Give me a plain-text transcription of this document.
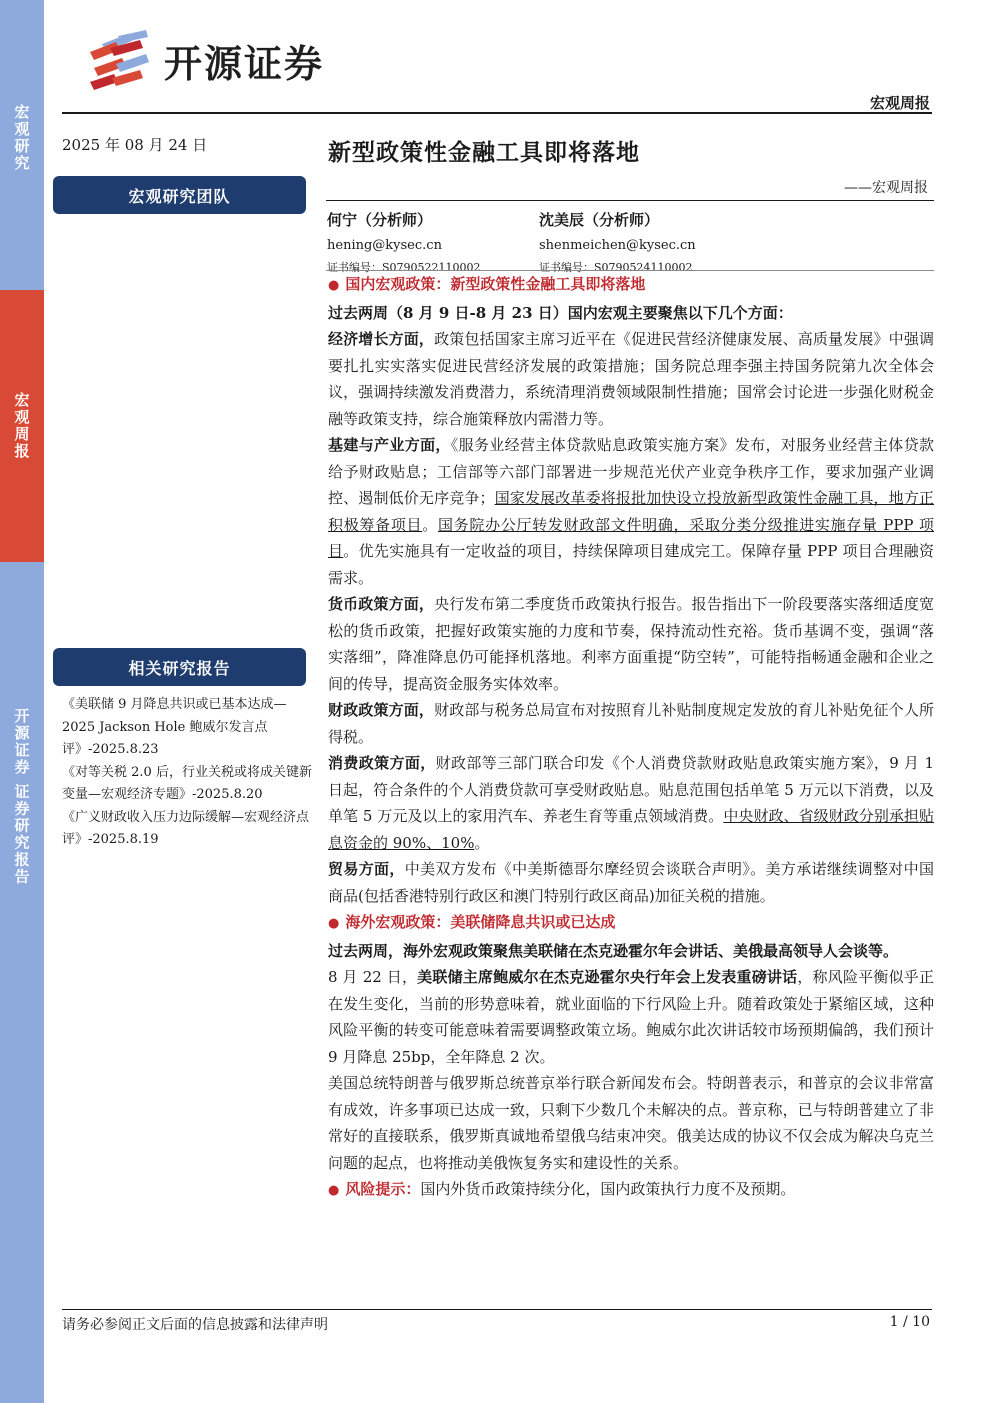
宏观研究
宏观周报
开源证券 证券研究报告
开源证券
宏观周报
2025 年 08 月 24 日
宏观研究团队
相关研究报告
《美联储 9 月降息共识或已基本达成—2025 Jackson Hole 鲍威尔发言点评》-2025.8.23
《对等关税 2.0 后，行业关税或将成关键新变量—宏观经济专题》-2025.8.20
《广义财政收入压力边际缓解—宏观经济点评》-2025.8.19
新型政策性金融工具即将落地
——宏观周报
何宁（分析师）
hening@kysec.cn
证书编号：S0790522110002
沈美辰（分析师）
shenmeichen@kysec.cn
证书编号：S0790524110002

● 国内宏观政策：新型政策性金融工具即将落地

过去两周（8 月 9 日-8 月 23 日）国内宏观主要聚焦以下几个方面：

经济增长方面，政策包括国家主席习近平在《促进民营经济健康发展、高质量发展》中强调要扎扎实实落实促进民营经济发展的政策措施；国务院总理李强主持国务院第九次全体会议，强调持续激发消费潜力，系统清理消费领域限制性措施；国常会讨论进一步强化财税金融等政策支持，综合施策释放内需潜力等。

基建与产业方面，《服务业经营主体贷款贴息政策实施方案》发布，对服务业经营主体贷款给予财政贴息；工信部等六部门部署进一步规范光伏产业竞争秩序工作，要求加强产业调控、遏制低价无序竞争；国家发展改革委将报批加快设立投放新型政策性金融工具，地方正积极筹备项目。国务院办公厅转发财政部文件明确，采取分类分级推进实施存量 PPP 项目。优先实施具有一定收益的项目，持续保障项目建成完工。保障存量 PPP 项目合理融资需求。

货币政策方面，央行发布第二季度货币政策执行报告。报告指出下一阶段要落实落细适度宽松的货币政策，把握好政策实施的力度和节奏，保持流动性充裕。货币基调不变，强调“落实落细”，降准降息仍可能择机落地。利率方面重提“防空转”，可能特指畅通金融和企业之间的传导，提高资金服务实体效率。

财政政策方面，财政部与税务总局宣布对按照育儿补贴制度规定发放的育儿补贴免征个人所得税。

消费政策方面，财政部等三部门联合印发《个人消费贷款财政贴息政策实施方案》，9 月 1 日起，符合条件的个人消费贷款可享受财政贴息。贴息范围包括单笔 5 万元以下消费，以及单笔 5 万元及以上的家用汽车、养老生育等重点领域消费。中央财政、省级财政分别承担贴息资金的 90%、10%。

贸易方面，中美双方发布《中美斯德哥尔摩经贸会谈联合声明》。美方承诺继续调整对中国商品(包括香港特别行政区和澳门特别行政区商品)加征关税的措施。

● 海外宏观政策：美联储降息共识或已达成

过去两周，海外宏观政策聚焦美联储在杰克逊霍尔年会讲话、美俄最高领导人会谈等。

8 月 22 日，美联储主席鲍威尔在杰克逊霍尔央行年会上发表重磅讲话，称风险平衡似乎正在发生变化，当前的形势意味着，就业面临的下行风险上升。随着政策处于紧缩区域，这种风险平衡的转变可能意味着需要调整政策立场。鲍威尔此次讲话较市场预期偏鸽，我们预计 9 月降息 25bp，全年降息 2 次。

美国总统特朗普与俄罗斯总统普京举行联合新闻发布会。特朗普表示，和普京的会议非常富有成效，许多事项已达成一致，只剩下少数几个未解决的点。普京称，已与特朗普建立了非常好的直接联系，俄罗斯真诚地希望俄乌结束冲突。俄美达成的协议不仅会成为解决乌克兰问题的起点，也将推动美俄恢复务实和建设性的关系。

● 风险提示：国内外货币政策持续分化，国内政策执行力度不及预期。

请务必参阅正文后面的信息披露和法律声明	1 / 10
